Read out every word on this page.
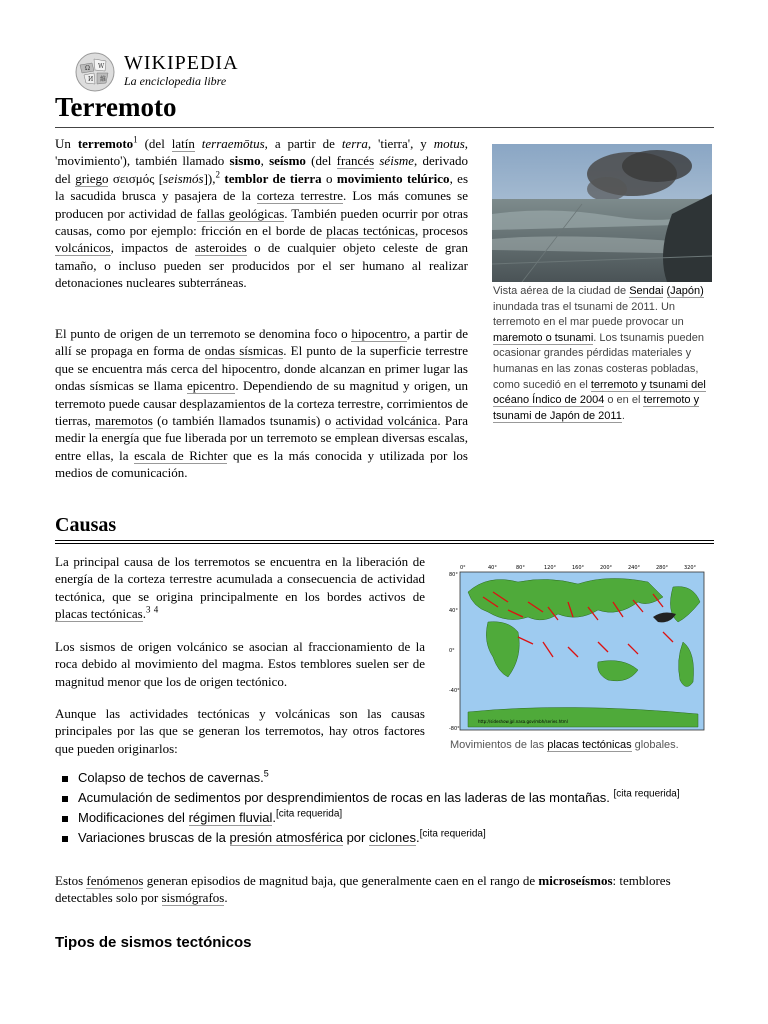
Ω W
И 維
WIKIPEDIA
La enciclopedia libre
Terremoto

Un terremoto$^1$ (del latín terraemōtus, a partir de terra, 'tierra', y motus, 'movimiento'), también llamado sismo, seísmo (del francés séisme, derivado del griego σεισμός [seismós]),$^2$ temblor de tierra o movimiento telúrico, es la sacudida brusca y pasajera de la corteza terrestre. Los más comunes se producen por actividad de fallas geológicas. También pueden ocurrir por otras causas, como por ejemplo: fricción en el borde de placas tectónicas, procesos volcánicos, impactos de asteroides o de cualquier objeto celeste de gran tamaño, o incluso pueden ser producidos por el ser humano al realizar detonaciones nucleares subterráneas.

El punto de origen de un terremoto se denomina foco o hipocentro, a partir de allí se propaga en forma de ondas sísmicas. El punto de la superficie terrestre que se encuentra más cerca del hipocentro, donde alcanzan en primer lugar las ondas sísmicas se llama epicentro. Dependiendo de su magnitud y origen, un terremoto puede causar desplazamientos de la corteza terrestre, corrimientos de tierras, maremotos (o también llamados tsunamis) o actividad volcánica. Para medir la energía que fue liberada por un terremoto se emplean diversas escalas, entre ellas, la escala de Richter que es la más conocida y utilizada por los medios de comunicación.

Vista aérea de la ciudad de Sendai (Japón) inundada tras el tsunami de 2011. Un terremoto en el mar puede provocar un maremoto o tsunami. Los tsunamis pueden ocasionar grandes pérdidas materiales y humanas en las zonas costeras pobladas, como sucedió en el terremoto y tsunami del océano Índico de 2004 o en el terremoto y tsunami de Japón de 2011.
Causas

La principal causa de los terremotos se encuentra en la liberación de energía de la corteza terrestre acumulada a consecuencia de actividad tectónica, que se origina principalmente en los bordes activos de placas tectónicas.$^3$ $^4$

Los sismos de origen volcánico se asocian al fraccionamiento de la roca debido al movimiento del magma. Estos temblores suelen ser de magnitud menor que los de origen tectónico.

Aunque las actividades tectónicas y volcánicas son las causas principales por las que se generan los terremotos, hay otros factores que pueden originarlos:

0°	40°	80°	120°	160°	200°	240°	280°	320°
80°
40°
0°
-40°
-80°
http://sideshow.jpl.nasa.gov/mbh/series.html
Movimientos de las placas tectónicas globales.
Colapso de techos de cavernas.$^5$
Acumulación de sedimentos por desprendimientos de rocas en las laderas de las montañas. [cita requerida]
Modificaciones del régimen fluvial.[cita requerida]
Variaciones bruscas de la presión atmosférica por ciclones.[cita requerida]

Estos fenómenos generan episodios de magnitud baja, que generalmente caen en el rango de microseísmos: temblores detectables solo por sismógrafos.

Tipos de sismos tectónicos
